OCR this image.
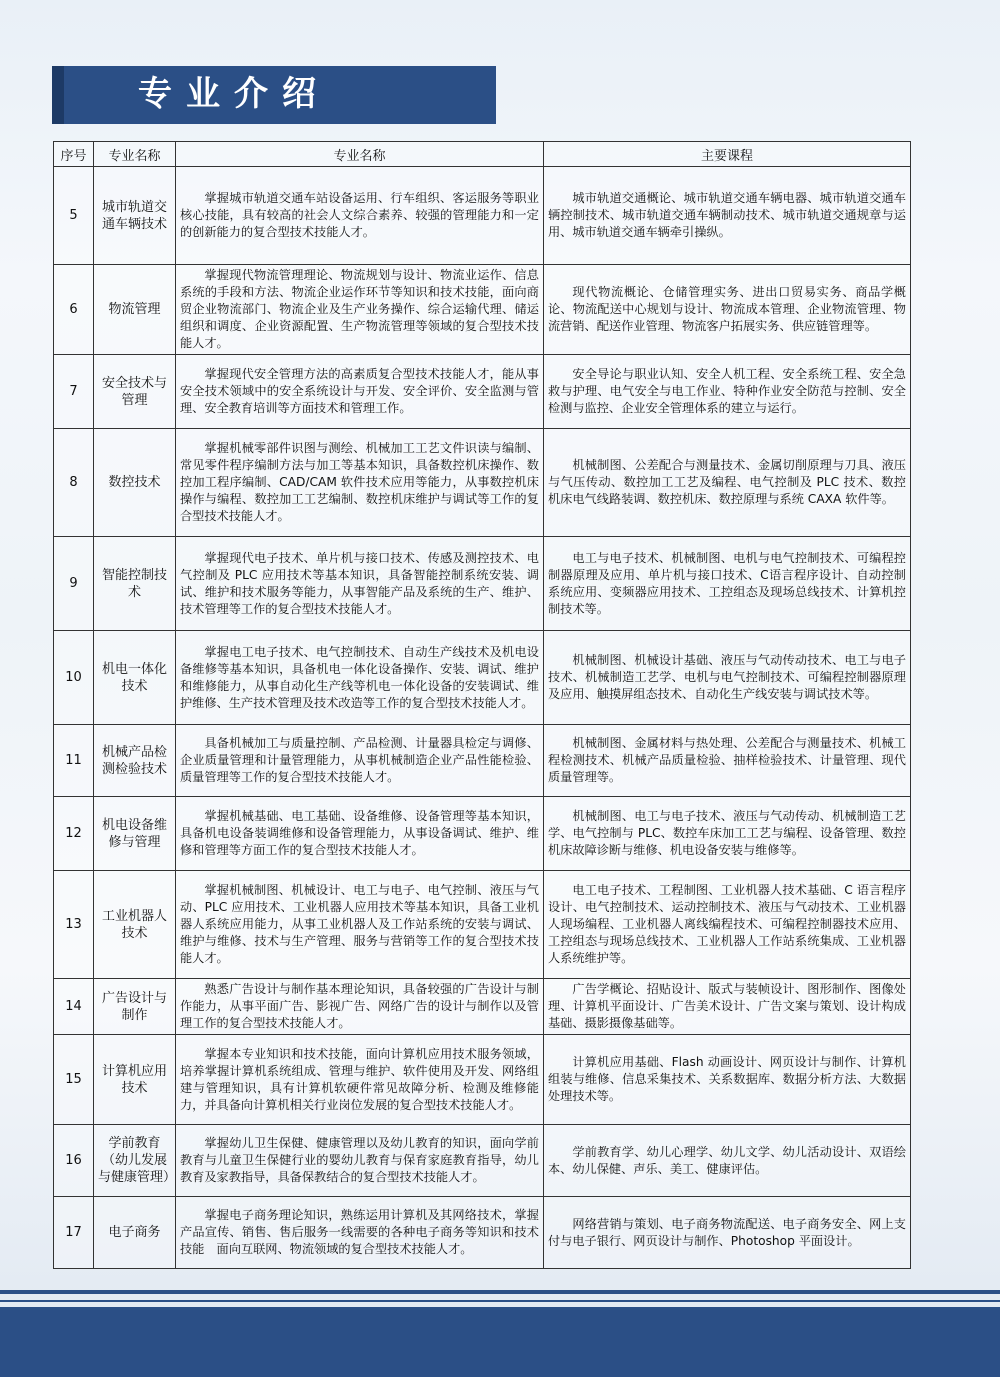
专业介绍
序号	专业名称	专业名称	主要课程
5	城市轨道交通车辆技术	掌握城市轨道交通车站设备运用、行车组织、客运服务等职业核心技能，具有较高的社会人文综合素养、较强的管理能力和一定的创新能力的复合型技术技能人才。	城市轨道交通概论、城市轨道交通车辆电器、城市轨道交通车辆控制技术、城市轨道交通车辆制动技术、城市轨道交通规章与运用、城市轨道交通车辆牵引操纵。
6	物流管理	掌握现代物流管理理论、物流规划与设计、物流业运作、信息系统的手段和方法、物流企业运作环节等知识和技术技能，面向商贸企业物流部门、物流企业及生产业务操作、综合运输代理、储运组织和调度、企业资源配置、生产物流管理等领域的复合型技术技能人才。	现代物流概论、仓储管理实务、进出口贸易实务、商品学概论、物流配送中心规划与设计、物流成本管理、企业物流管理、物流营销、配送作业管理、物流客户拓展实务、供应链管理等。
7	安全技术与管理	掌握现代安全管理方法的高素质复合型技术技能人才，能从事安全技术领域中的安全系统设计与开发、安全评价、安全监测与管理、安全教育培训等方面技术和管理工作。	安全导论与职业认知、安全人机工程、安全系统工程、安全急救与护理、电气安全与电工作业、特种作业安全防范与控制、安全检测与监控、企业安全管理体系的建立与运行。
8	数控技术	掌握机械零部件识图与测绘、机械加工工艺文件识读与编制、常见零件程序编制方法与加工等基本知识，具备数控机床操作、数控加工程序编制、CAD/CAM 软件技术应用等能力，从事数控机床操作与编程、数控加工工艺编制、数控机床维护与调试等工作的复合型技术技能人才。	机械制图、公差配合与测量技术、金属切削原理与刀具、液压与气压传动、数控加工工艺及编程、电气控制及 PLC 技术、数控机床电气线路装调、数控机床、数控原理与系统 CAXA 软件等。
9	智能控制技术	掌握现代电子技术、单片机与接口技术、传感及测控技术、电气控制及 PLC 应用技术等基本知识，具备智能控制系统安装、调试、维护和技术服务等能力，从事智能产品及系统的生产、维护、技术管理等工作的复合型技术技能人才。	电工与电子技术、机械制图、电机与电气控制技术、可编程控制器原理及应用、单片机与接口技术、C语言程序设计、自动控制系统应用、变频器应用技术、工控组态及现场总线技术、计算机控制技术等。
10	机电一体化技术	掌握电工电子技术、电气控制技术、自动生产线技术及机电设备维修等基本知识，具备机电一体化设备操作、安装、调试、维护和维修能力，从事自动化生产线等机电一体化设备的安装调试、维护维修、生产技术管理及技术改造等工作的复合型技术技能人才。	机械制图、机械设计基础、液压与气动传动技术、电工与电子技术、机械制造工艺学、电机与电气控制技术、可编程控制器原理及应用、触摸屏组态技术、自动化生产线安装与调试技术等。
11	机械产品检测检验技术	具备机械加工与质量控制、产品检测、计量器具检定与调修、企业质量管理和计量管理能力，从事机械制造企业产品性能检验、质量管理等工作的复合型技术技能人才。	机械制图、金属材料与热处理、公差配合与测量技术、机械工程检测技术、机械产品质量检验、抽样检验技术、计量管理、现代质量管理等。
12	机电设备维修与管理	掌握机械基础、电工基础、设备维修、设备管理等基本知识，具备机电设备装调维修和设备管理能力，从事设备调试、维护、维修和管理等方面工作的复合型技术技能人才。	机械制图、电工与电子技术、液压与气动传动、机械制造工艺学、电气控制与 PLC、数控车床加工工艺与编程、设备管理、数控机床故障诊断与维修、机电设备安装与维修等。
13	工业机器人技术	掌握机械制图、机械设计、电工与电子、电气控制、液压与气动、PLC 应用技术、工业机器人应用技术等基本知识，具备工业机器人系统应用能力，从事工业机器人及工作站系统的安装与调试、维护与维修、技术与生产管理、服务与营销等工作的复合型技术技能人才。	电工电子技术、工程制图、工业机器人技术基础、C 语言程序设计、电气控制技术、运动控制技术、液压与气动技术、工业机器人现场编程、工业机器人离线编程技术、可编程控制器技术应用、工控组态与现场总线技术、工业机器人工作站系统集成、工业机器人系统维护等。
14	广告设计与制作	熟悉广告设计与制作基本理论知识，具备较强的广告设计与制作能力，从事平面广告、影视广告、网络广告的设计与制作以及管理工作的复合型技术技能人才。	广告学概论、招贴设计、版式与装帧设计、图形制作、图像处理、计算机平面设计、广告美术设计、广告文案与策划、设计构成基础、摄影摄像基础等。
15	计算机应用技术	掌握本专业知识和技术技能，面向计算机应用技术服务领域，培养掌握计算机系统组成、管理与维护、软件使用及开发、网络组建与管理知识，具有计算机软硬件常见故障分析、检测及维修能力，并具备向计算机相关行业岗位发展的复合型技术技能人才。	计算机应用基础、Flash 动画设计、网页设计与制作、计算机组装与维修、信息采集技术、关系数据库、数据分析方法、大数据处理技术等。
16	学前教育（幼儿发展与健康管理）	掌握幼儿卫生保健、健康管理以及幼儿教育的知识，面向学前教育与儿童卫生保健行业的婴幼儿教育与保育家庭教育指导，幼儿教育及家教指导，具备保教结合的复合型技术技能人才。	学前教育学、幼儿心理学、幼儿文学、幼儿活动设计、双语绘本、幼儿保健、声乐、美工、健康评估。
17	电子商务	掌握电子商务理论知识，熟练运用计算机及其网络技术，掌握产品宣传、销售、售后服务一线需要的各种电子商务等知识和技术技能　面向互联网、物流领域的复合型技术技能人才。	网络营销与策划、电子商务物流配送、电子商务安全、网上支付与电子银行、网页设计与制作、Photoshop 平面设计。
